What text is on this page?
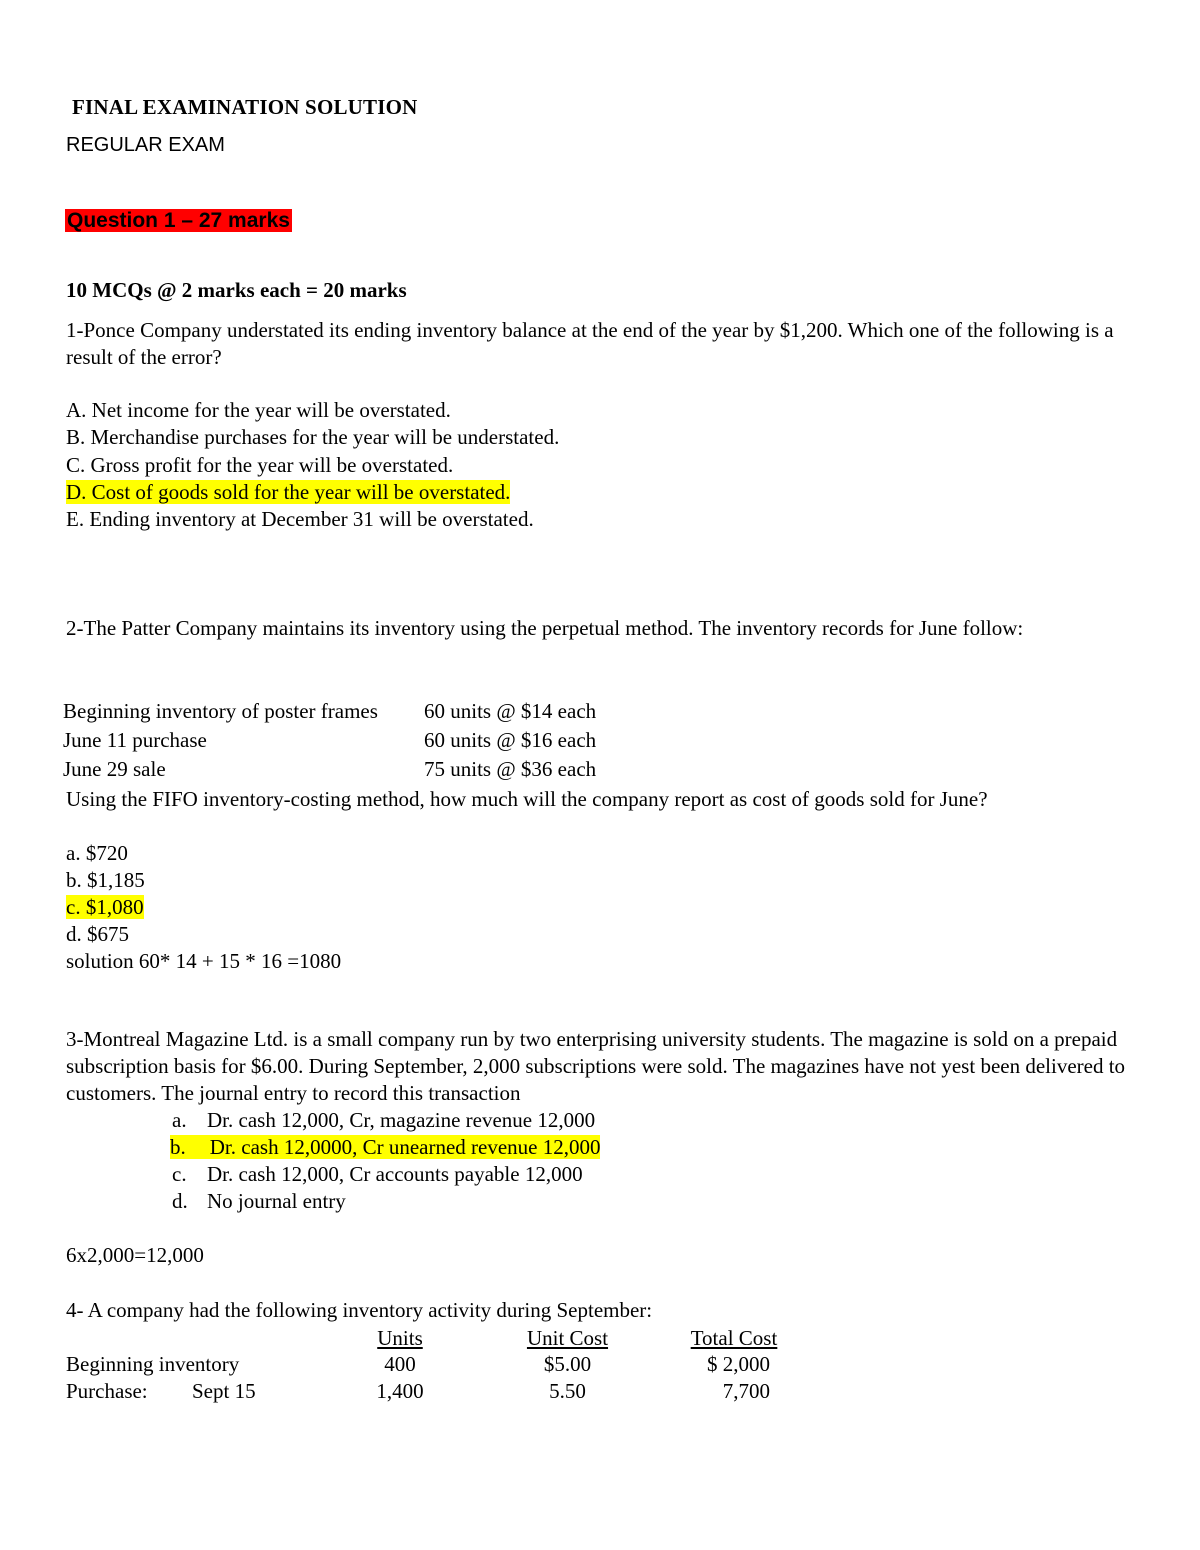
FINAL EXAMINATION SOLUTION
REGULAR EXAM
Question 1 – 27 marks
10 MCQs @ 2 marks each = 20 marks
1-Ponce Company understated its ending inventory balance at the end of the year by $1,200. Which one of the following is a result of the error?
A. Net income for the year will be overstated.
B. Merchandise purchases for the year will be understated.
C. Gross profit for the year will be overstated.
D. Cost of goods sold for the year will be overstated.
E. Ending inventory at December 31 will be overstated.
2-The Patter Company maintains its inventory using the perpetual method. The inventory records for June follow:
Beginning inventory of poster frames 60 units @ $14 each
June 11 purchase	60 units @ $16 each
June 29 sale	75 units @ $36 each
Using the FIFO inventory-costing method, how much will the company report as cost of goods sold for June?
a. $720
b. $1,185
c. $1,080
d. $675
solution 60* 14 + 15 * 16 =1080
3-Montreal Magazine Ltd. is a small company run by two enterprising university students. The magazine is sold on a prepaid subscription basis for $6.00. During September, 2,000 subscriptions were sold. The magazines have not yest been delivered to customers. The journal entry to record this transaction
a. Dr. cash 12,000, Cr, magazine revenue 12,000
b. Dr. cash 12,0000, Cr unearned revenue 12,000
c. Dr. cash 12,000, Cr accounts payable 12,000
d. No journal entry
6x2,000=12,000
4- A company had the following inventory activity during September:
Units	Unit Cost	Total Cost
Beginning inventory	400	$5.00	$ 2,000
Purchase: Sept 15	1,400	5.50	7,700
